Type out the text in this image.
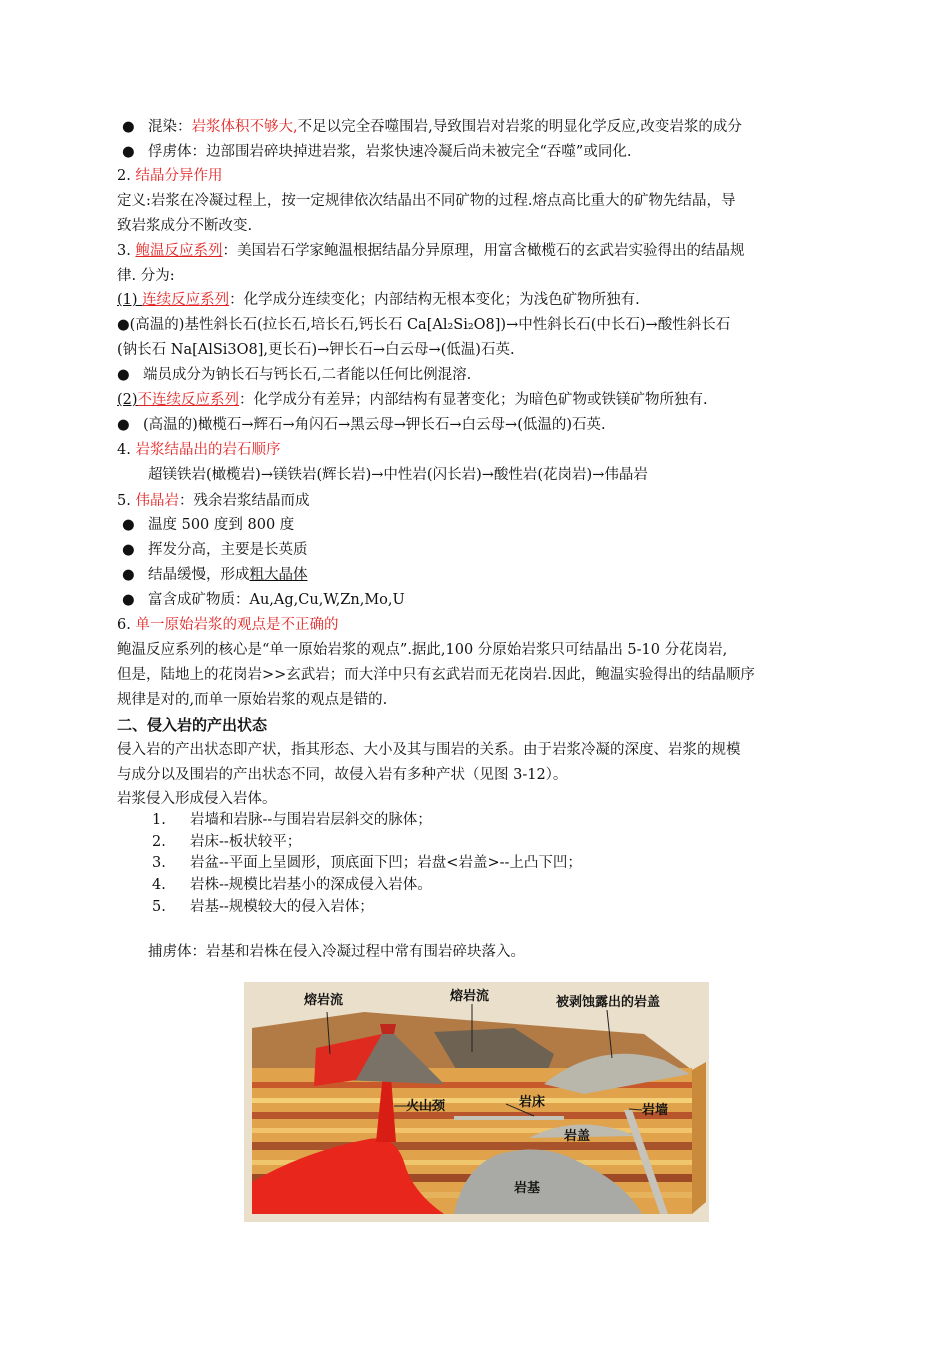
● 混染：岩浆体积不够大,不足以完全吞噬围岩,导致围岩对岩浆的明显化学反应,改变岩浆的成分
● 俘虏体：边部围岩碎块掉进岩浆，岩浆快速冷凝后尚未被完全“吞噬”或同化.
2. 结晶分异作用
定义:岩浆在冷凝过程上，按一定规律依次结晶出不同矿物的过程.熔点高比重大的矿物先结晶，导
致岩浆成分不断改变.
3. 鲍温反应系列：美国岩石学家鲍温根据结晶分异原理，用富含橄榄石的玄武岩实验得出的结晶规
律. 分为:
(1) 连续反应系列：化学成分连续变化；内部结构无根本变化；为浅色矿物所独有.
●(高温的)基性斜长石(拉长石,培长石,钙长石 Ca[Al₂Si₂O8])→中性斜长石(中长石)→酸性斜长石
(钠长石 Na[AlSi3O8],更长石)→钾长石→白云母→(低温)石英.
● 端员成分为钠长石与钙长石,二者能以任何比例混溶.
(2)不连续反应系列：化学成分有差异；内部结构有显著变化；为暗色矿物或铁镁矿物所独有.
● (高温的)橄榄石→辉石→角闪石→黑云母→钾长石→白云母→(低温的)石英.
4. 岩浆结晶出的岩石顺序
超镁铁岩(橄榄岩)→镁铁岩(辉长岩)→中性岩(闪长岩)→酸性岩(花岗岩)→伟晶岩
5. 伟晶岩：残余岩浆结晶而成
● 温度 500 度到 800 度
● 挥发分高，主要是长英质
● 结晶缓慢，形成粗大晶体
● 富含成矿物质：Au,Ag,Cu,W,Zn,Mo,U
6. 单一原始岩浆的观点是不正确的
鲍温反应系列的核心是“单一原始岩浆的观点”.据此,100 分原始岩浆只可结晶出 5-10 分花岗岩,
但是，陆地上的花岗岩>>玄武岩；而大洋中只有玄武岩而无花岗岩.因此，鲍温实验得出的结晶顺序
规律是对的,而单一原始岩浆的观点是错的.
二、侵入岩的产出状态
侵入岩的产出状态即产状，指其形态、大小及其与围岩的关系。由于岩浆冷凝的深度、岩浆的规模
与成分以及围岩的产出状态不同，故侵入岩有多种产状（见图 3-12）。
岩浆侵入形成侵入岩体。
1. 岩墙和岩脉--与围岩岩层斜交的脉体；
2. 岩床--板状较平；
3. 岩盆--平面上呈圆形，顶底面下凹；岩盘<岩盖>--上凸下凹；
4. 岩株--规模比岩基小的深成侵入岩体。
5. 岩基--规模较大的侵入岩体；
捕虏体：岩基和岩株在侵入冷凝过程中常有围岩碎块落入。
熔岩流	熔岩流	被剥蚀露出的岩盖
火山颈	岩床
岩墙
岩盖
岩基
